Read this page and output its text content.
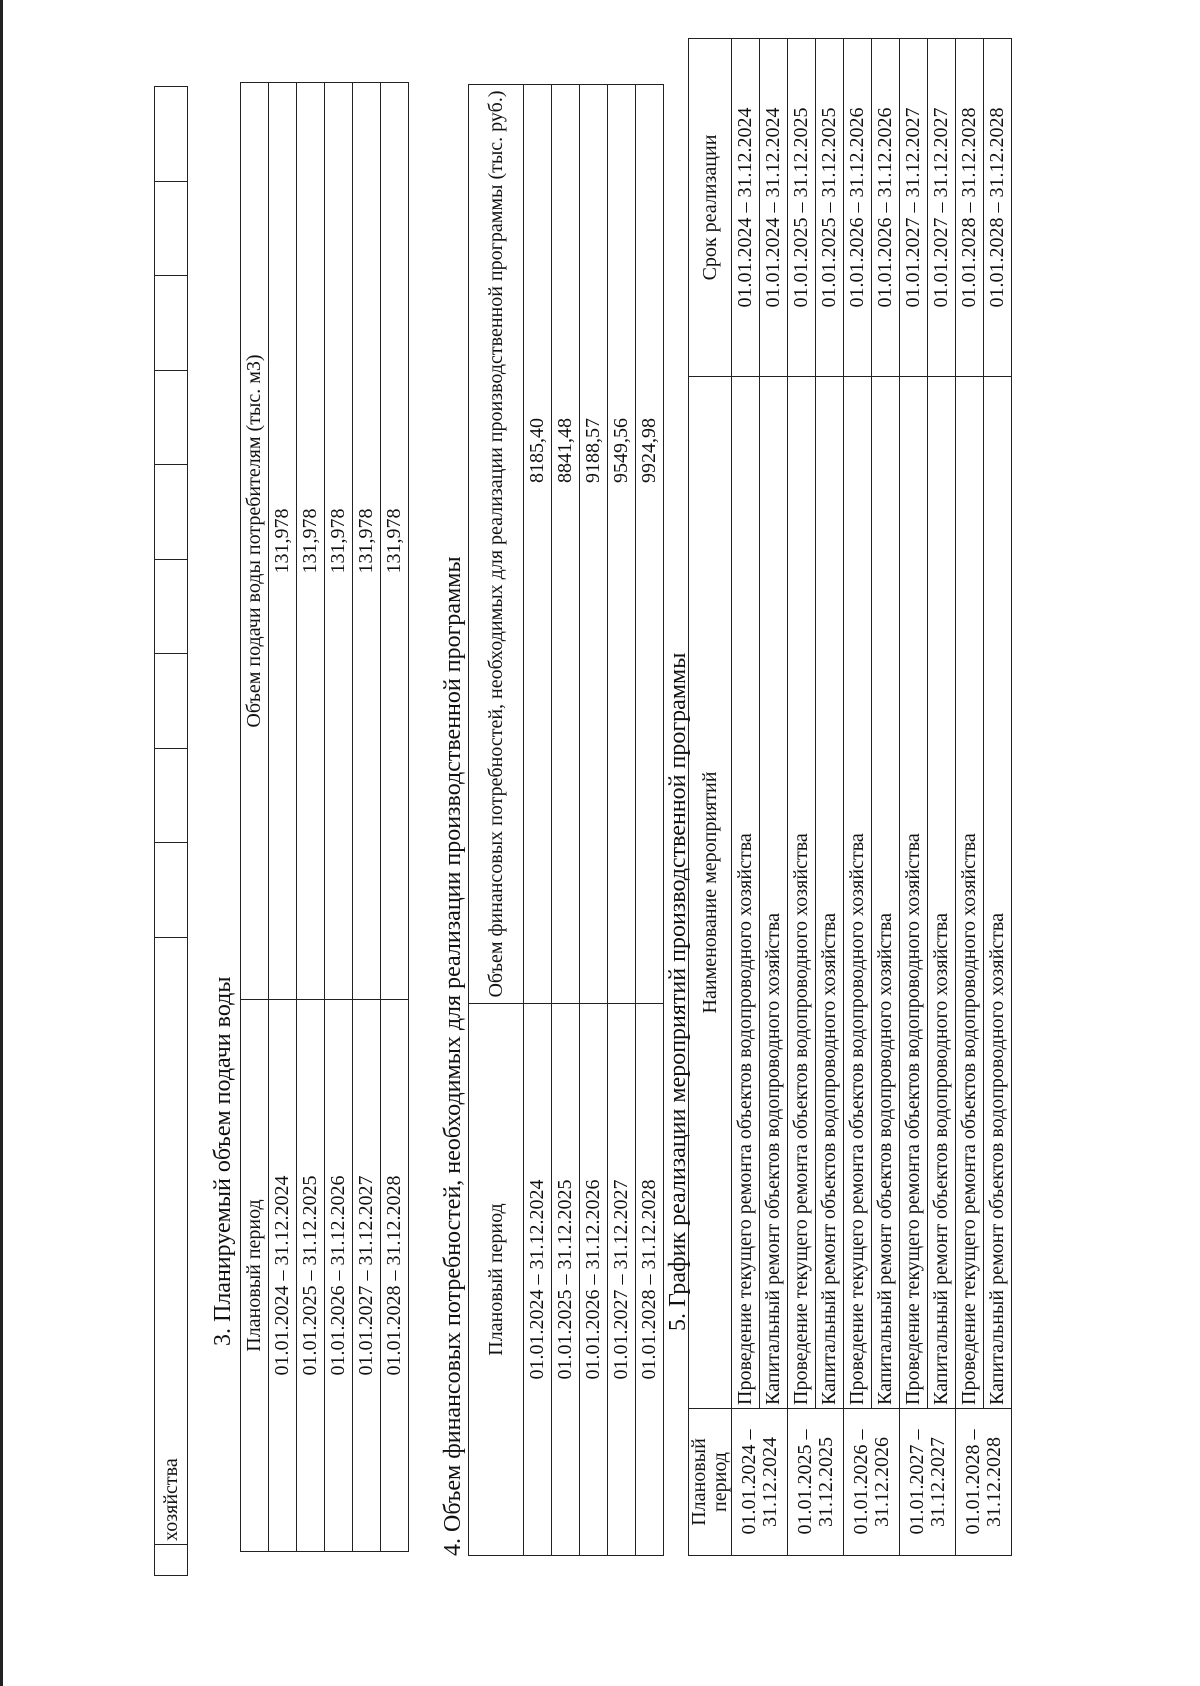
	хозяйства									
3. Планируемый объем подачи воды Плановый период	Объем подачи воды потребителям (тыс. м3)
01.01.2024 – 31.12.2024	131,978
01.01.2025 – 31.12.2025	131,978
01.01.2026 – 31.12.2026	131,978
01.01.2027 – 31.12.2027	131,978
01.01.2028 – 31.12.2028	131,978
4. Объем финансовых потребностей, необходимых для реализации производственной программы Плановый период	Объем финансовых потребностей, необходимых для реализации производственной программы (тыс. руб.)
01.01.2024 – 31.12.2024	8185,40
01.01.2025 – 31.12.2025	8841,48
01.01.2026 – 31.12.2026	9188,57
01.01.2027 – 31.12.2027	9549,56
01.01.2028 – 31.12.2028	9924,98
5. График реализации мероприятий производственной программы
Плановый период	Наименование мероприятий	Срок реализации
01.01.2024 – 31.12.2024	Проведение текущего ремонта объектов водопроводного хозяйства	01.01.2024 – 31.12.2024
	Капитальный ремонт объектов водопроводного хозяйства	01.01.2024 – 31.12.2024
01.01.2025 – 31.12.2025	Проведение текущего ремонта объектов водопроводного хозяйства	01.01.2025 – 31.12.2025
	Капитальный ремонт объектов водопроводного хозяйства	01.01.2025 – 31.12.2025
01.01.2026 – 31.12.2026	Проведение текущего ремонта объектов водопроводного хозяйства	01.01.2026 – 31.12.2026
	Капитальный ремонт объектов водопроводного хозяйства	01.01.2026 – 31.12.2026
01.01.2027 – 31.12.2027	Проведение текущего ремонта объектов водопроводного хозяйства	01.01.2027 – 31.12.2027
	Капитальный ремонт объектов водопроводного хозяйства	01.01.2027 – 31.12.2027
01.01.2028 – 31.12.2028	Проведение текущего ремонта объектов водопроводного хозяйства	01.01.2028 – 31.12.2028
	Капитальный ремонт объектов водопроводного хозяйства	01.01.2028 – 31.12.2028
